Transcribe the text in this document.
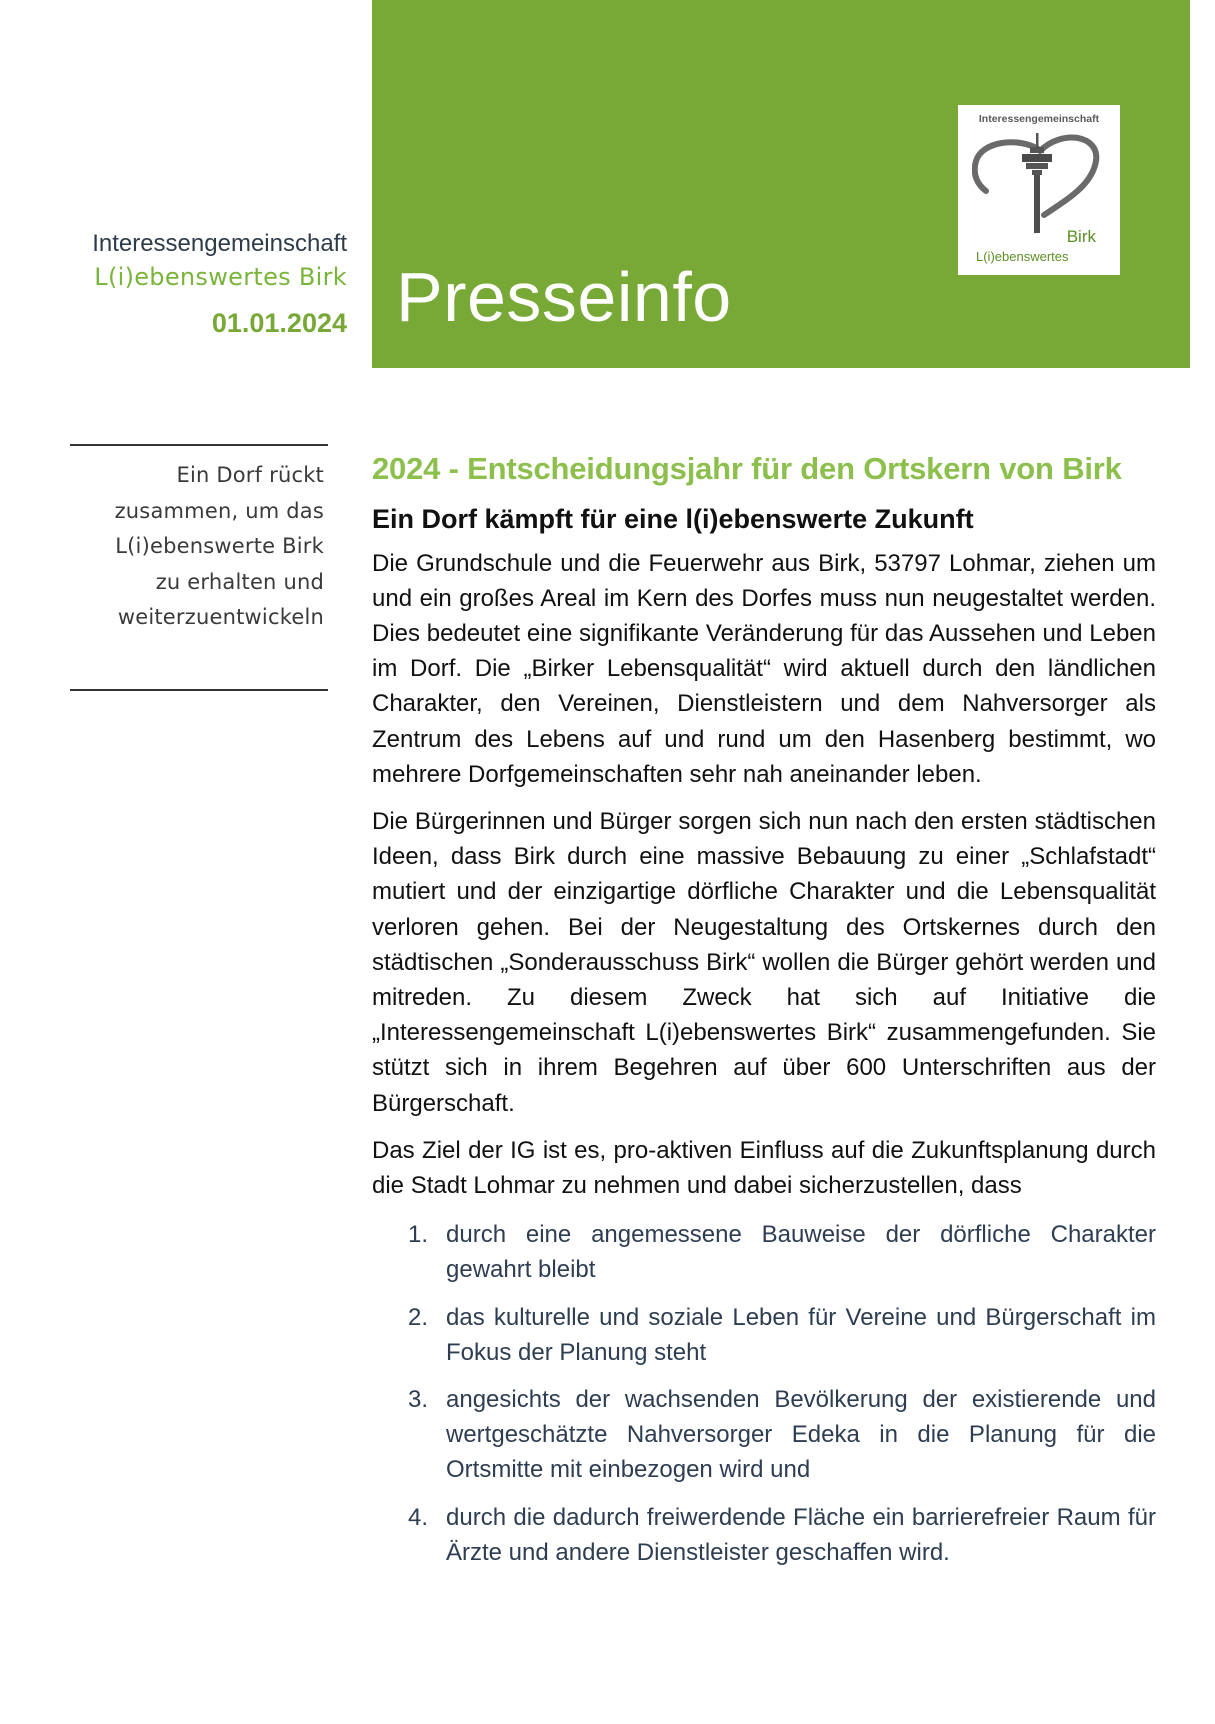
Interessengemeinschaft
Birk
L(i)ebenswertes
Presseinfo
Interessengemeinschaft
L(i)ebenswertes Birk
01.01.2024
Ein Dorf rückt
zusammen, um das
L(i)ebenswerte Birk
zu erhalten und
weiterzuentwickeln
2024 - Entscheidungsjahr für den Ortskern von Birk
Ein Dorf kämpft für eine l(i)ebenswerte Zukunft

Die Grundschule und die Feuerwehr aus Birk, 53797 Lohmar, ziehen um und ein großes Areal im Kern des Dorfes muss nun neugestaltet werden. Dies bedeutet eine signifikante Veränderung für das Aussehen und Leben im Dorf. Die „Birker Lebensqualität“ wird aktuell durch den ländlichen Charakter, den Vereinen, Dienstleistern und dem Nahversorger als Zentrum des Lebens auf und rund um den Hasenberg bestimmt, wo mehrere Dorfgemeinschaften sehr nah aneinander leben.

Die Bürgerinnen und Bürger sorgen sich nun nach den ersten städtischen Ideen, dass Birk durch eine massive Bebauung zu einer „Schlafstadt“ mutiert und der einzigartige dörfliche Charakter und die Lebensqualität verloren gehen. Bei der Neugestaltung des Ortskernes durch den städtischen „Sonderausschuss Birk“ wollen die Bürger gehört werden und mitreden. Zu diesem Zweck hat sich auf Initiative die „Interessengemeinschaft L(i)ebenswertes Birk“ zusammengefunden. Sie stützt sich in ihrem Begehren auf über 600 Unterschriften aus der Bürgerschaft.

Das Ziel der IG ist es, pro-aktiven Einfluss auf die Zukunftsplanung durch die Stadt Lohmar zu nehmen und dabei sicherzustellen, dass

1. durch eine angemessene Bauweise der dörfliche Charakter gewahrt bleibt
2. das kulturelle und soziale Leben für Vereine und Bürgerschaft im Fokus der Planung steht
3. angesichts der wachsenden Bevölkerung der existierende und wertgeschätzte Nahversorger Edeka in die Planung für die Ortsmitte mit einbezogen wird und
4. durch die dadurch freiwerdende Fläche ein barrierefreier Raum für Ärzte und andere Dienstleister geschaffen wird.
